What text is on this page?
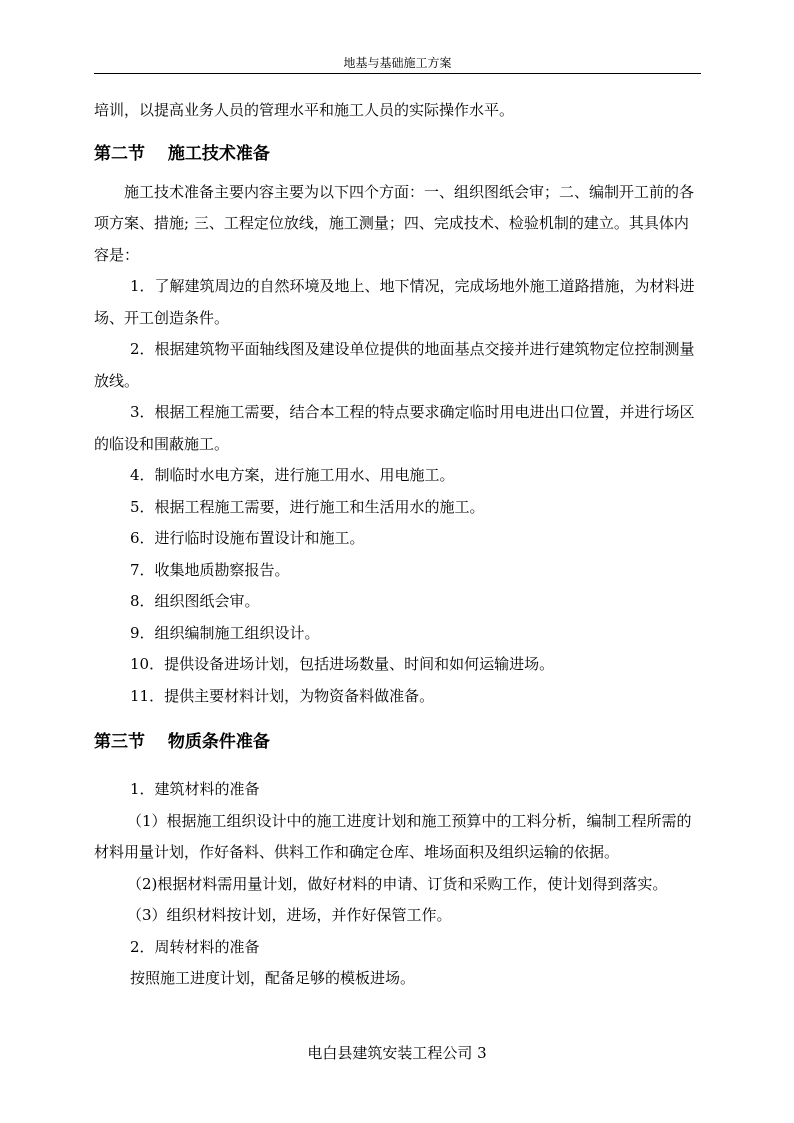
地基与基础施工方案

培训，以提高业务人员的管理水平和施工人员的实际操作水平。

第二节　 施工技术准备

施工技术准备主要内容主要为以下四个方面：一、组织图纸会审；二、编制开工前的各项方案、措施; 三、工程定位放线，施工测量；四、完成技术、检验机制的建立。其具体内容是：

1．了解建筑周边的自然环境及地上、地下情况，完成场地外施工道路措施，为材料进场、开工创造条件。

2．根据建筑物平面轴线图及建设单位提供的地面基点交接并进行建筑物定位控制测量放线。

3．根据工程施工需要，结合本工程的特点要求确定临时用电进出口位置，并进行场区的临设和围蔽施工。

4．制临时水电方案，进行施工用水、用电施工。

5．根据工程施工需要，进行施工和生活用水的施工。

6．进行临时设施布置设计和施工。

7．收集地质勘察报告。

8．组织图纸会审。

9．组织编制施工组织设计。

10．提供设备进场计划，包括进场数量、时间和如何运输进场。

11．提供主要材料计划，为物资备料做准备。

第三节　 物质条件准备

1．建筑材料的准备

（1）根据施工组织设计中的施工进度计划和施工预算中的工料分析，编制工程所需的材料用量计划，作好备料、供料工作和确定仓库、堆场面积及组织运输的依据。

（2)根据材料需用量计划，做好材料的申请、订货和采购工作，使计划得到落实。

（3）组织材料按计划，进场，并作好保管工作。

2．周转材料的准备

按照施工进度计划，配备足够的模板进场。

电白县建筑安装工程公司 3
